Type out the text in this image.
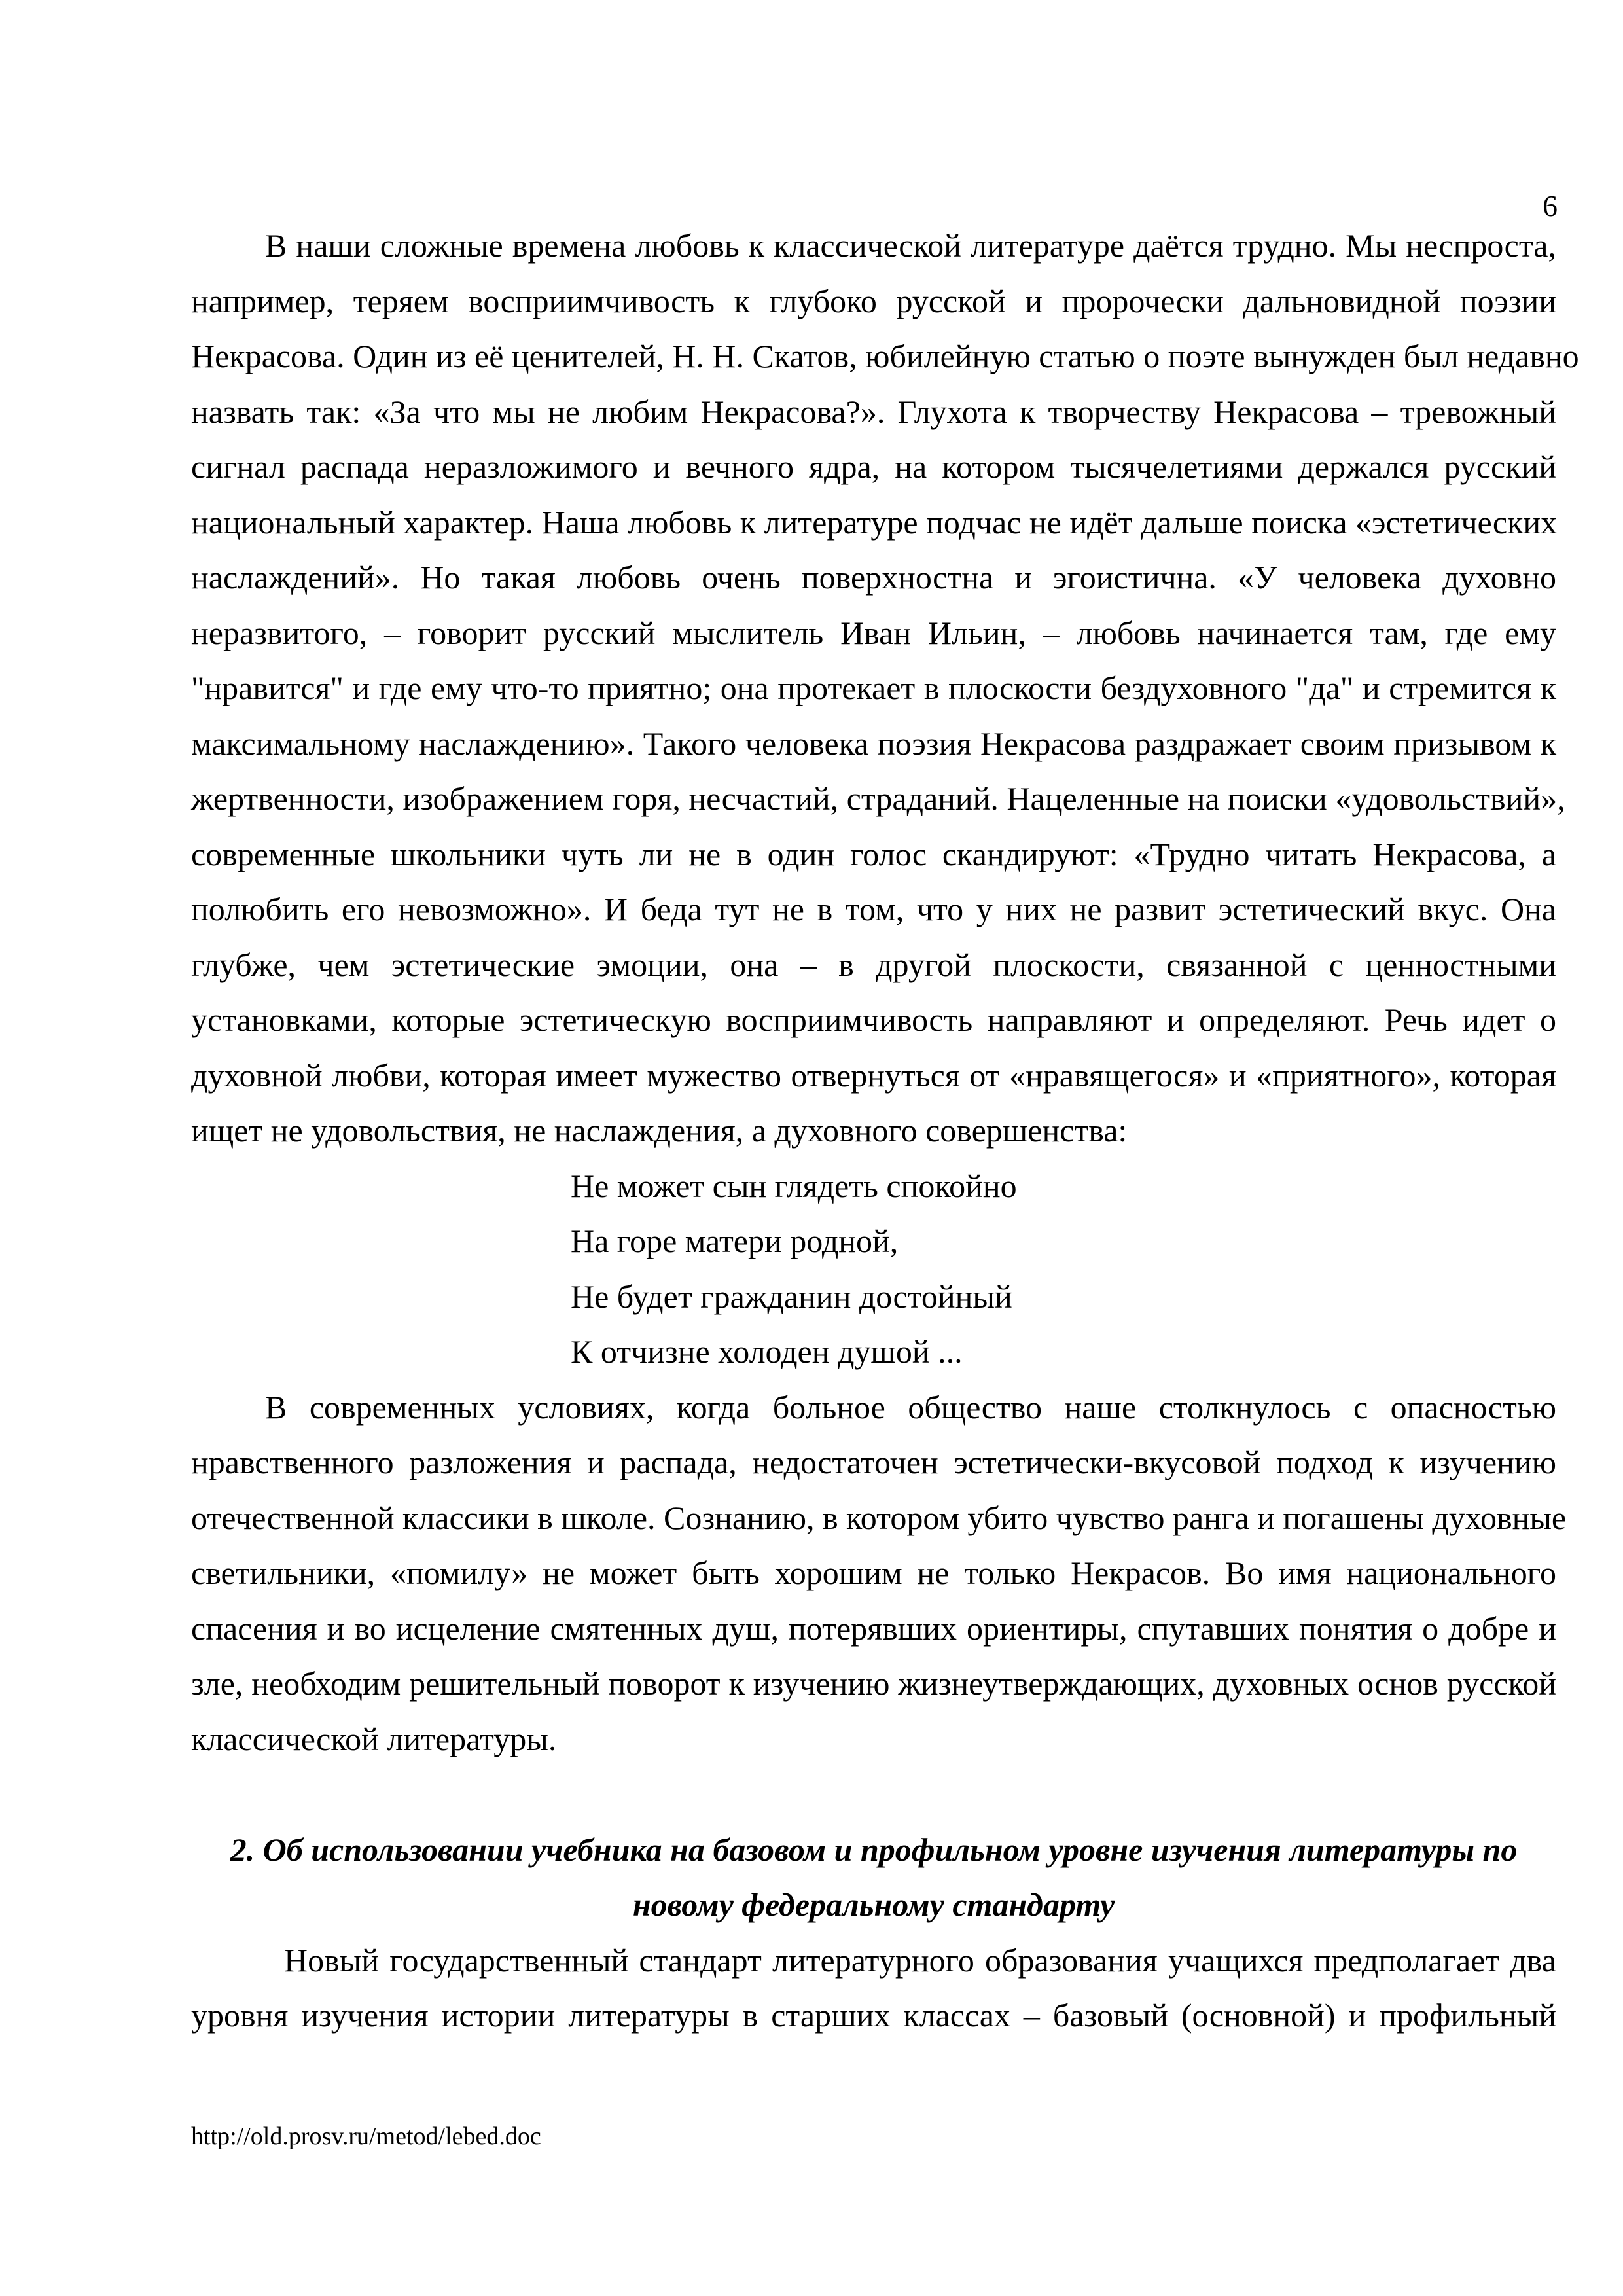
6
В наши сложные времена любовь к классической литературе даётся трудно. Мы неспроста,
например, теряем восприимчивость к глубоко русской и пророчески дальновидной поэзии
Некрасова. Один из её ценителей, Н. Н. Скатов, юбилейную статью о поэте вынужден был недавно
назвать так: «За что мы не любим Некрасова?». Глухота к творчеству Некрасова – тревожный
сигнал распада неразложимого и вечного ядра, на котором тысячелетиями держался русский
национальный характер. Наша любовь к литературе подчас не идёт дальше поиска «эстетических
наслаждений». Но такая любовь очень поверхностна и эгоистична. «У человека духовно
неразвитого, – говорит русский мыслитель Иван Ильин, – любовь начинается там, где ему
"нравится" и где ему что-то приятно; она протекает в плоскости бездуховного "да" и стремится к
максимальному наслаждению». Такого человека поэзия Некрасова раздражает своим призывом к
жертвенности, изображением горя, несчастий, страданий. Нацеленные на поиски «удовольствий»,
современные школьники чуть ли не в один голос скандируют: «Трудно читать Некрасова, а
полюбить его невозможно». И беда тут не в том, что у них не развит эстетический вкус. Она
глубже, чем эстетические эмоции, она – в другой плоскости, связанной с ценностными
установками, которые эстетическую восприимчивость направляют и определяют. Речь идет о
духовной любви, которая имеет мужество отвернуться от «нравящегося» и «приятного», которая
ищет не удовольствия, не наслаждения, а духовного совершенства:
Не может сын глядеть спокойно
На горе матери родной,
Не будет гражданин достойный
К отчизне холоден душой ...
В современных условиях, когда больное общество наше столкнулось с опасностью
нравственного разложения и распада, недостаточен эстетически-вкусовой подход к изучению
отечественной классики в школе. Сознанию, в котором убито чувство ранга и погашены духовные
светильники, «помилу» не может быть хорошим не только Некрасов. Во имя национального
спасения и во исцеление смятенных душ, потерявших ориентиры, спутавших понятия о добре и
зле, необходим решительный поворот к изучению жизнеутверждающих, духовных основ русской
классической литературы.
2. Об использовании учебника на базовом и профильном уровне изучения литературы по
новому федеральному стандарту
Новый государственный стандарт литературного образования учащихся предполагает два
уровня изучения истории литературы в старших классах – базовый (основной) и профильный
http://old.prosv.ru/metod/lebed.doc
